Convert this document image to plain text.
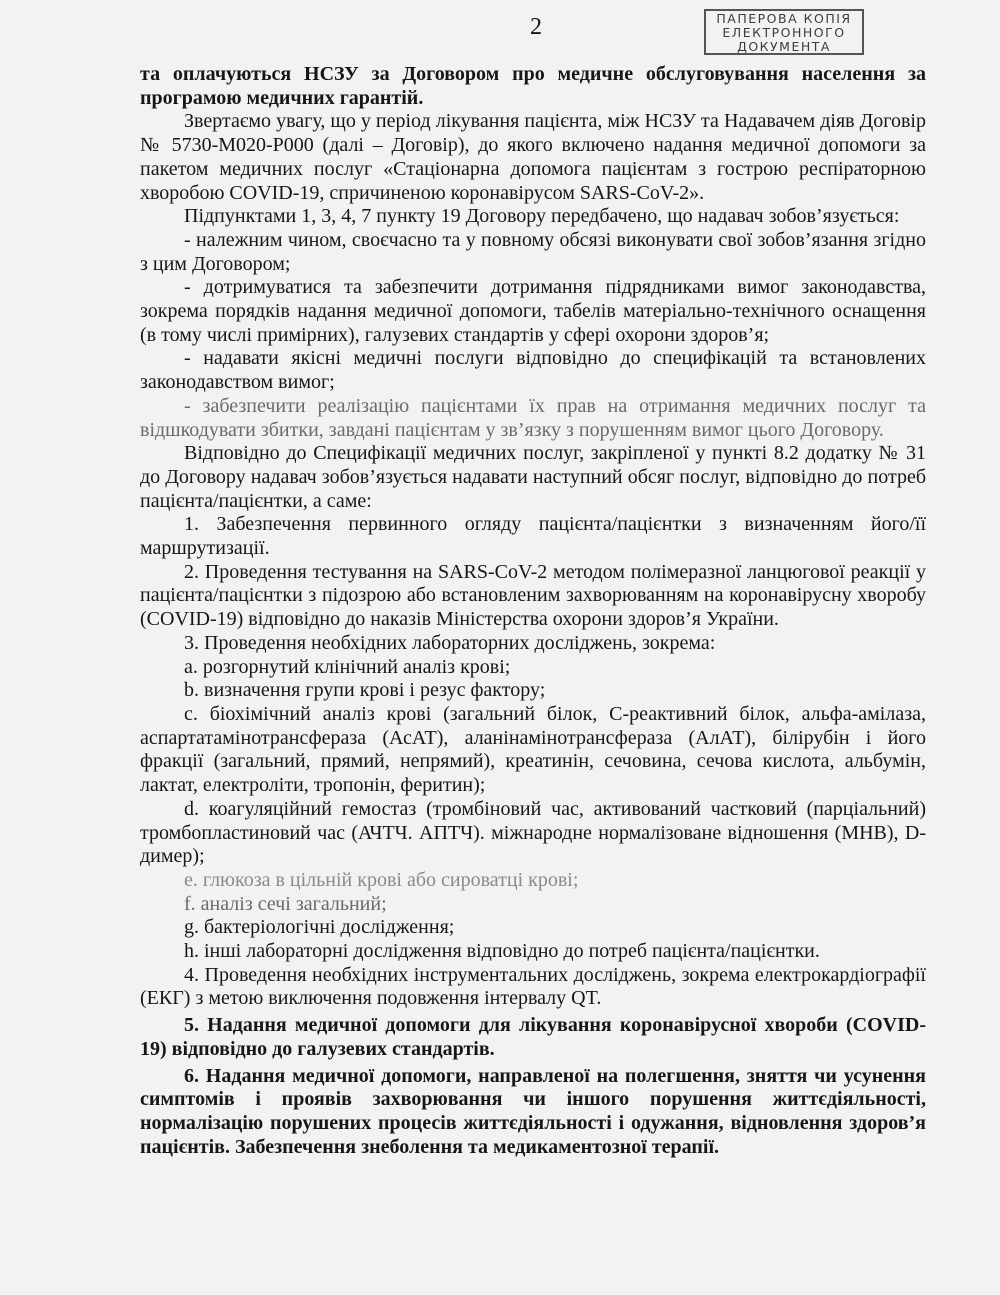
2	ПАПЕРОВА КОПІЯ
ЕЛЕКТРОННОГО
ДОКУМЕНТА

та оплачуються НСЗУ за Договором про медичне обслуговування населення за програмою медичних гарантій.

Звертаємо увагу, що у період лікування пацієнта, між НСЗУ та Надавачем діяв Договір № 5730-М020-Р000 (далі – Договір), до якого включено надання медичної допомоги за пакетом медичних послуг «Стаціонарна допомога пацієнтам з гострою респіраторною хворобою COVID-19, спричиненою коронавірусом SARS-CoV-2».

Підпунктами 1, 3, 4, 7 пункту 19 Договору передбачено, що надавач зобов’язується:

- належним чином, своєчасно та у повному обсязі виконувати свої зобов’язання згідно з цим Договором;

- дотримуватися та забезпечити дотримання підрядниками вимог законодавства, зокрема порядків надання медичної допомоги, табелів матеріально-технічного оснащення (в тому числі примірних), галузевих стандартів у сфері охорони здоров’я;

- надавати якісні медичні послуги відповідно до специфікацій та встановлених законодавством вимог;

- забезпечити реалізацію пацієнтами їх прав на отримання медичних послуг та відшкодувати збитки, завдані пацієнтам у зв’язку з порушенням вимог цього Договору.

Відповідно до Специфікації медичних послуг, закріпленої у пункті 8.2 додатку № 31 до Договору надавач зобов’язується надавати наступний обсяг послуг, відповідно до потреб пацієнта/пацієнтки, а саме:

1. Забезпечення первинного огляду пацієнта/пацієнтки з визначенням його/її маршрутизації.

2. Проведення тестування на SARS-CoV-2 методом полімеразної ланцюгової реакції у пацієнта/пацієнтки з підозрою або встановленим захворюванням на коронавірусну хворобу (COVID-19) відповідно до наказів Міністерства охорони здоров’я України.

3. Проведення необхідних лабораторних досліджень, зокрема:

a. розгорнутий клінічний аналіз крові;

b. визначення групи крові і резус фактору;

c. біохімічний аналіз крові (загальний білок, С-реактивний білок, альфа-амілаза, аспартатамінотрансфераза (АсАТ), аланінамінотрансфераза (АлАТ), білірубін і його фракції (загальний, прямий, непрямий), креатинін, сечовина, сечова кислота, альбумін, лактат, електроліти, тропонін, феритин);

d. коагуляційний гемостаз (тромбіновий час, активований частковий (парціальний) тромбопластиновий час (АЧТЧ. АПТЧ). міжнародне нормалізоване відношення (МНВ), D-димер);

e. глюкоза в цільній крові або сироватці крові;

f. аналіз сечі загальний;

g. бактеріологічні дослідження;

h. інші лабораторні дослідження відповідно до потреб пацієнта/пацієнтки.

4. Проведення необхідних інструментальних досліджень, зокрема електрокардіографії (ЕКГ) з метою виключення подовження інтервалу QT.

5. Надання медичної допомоги для лікування коронавірусної хвороби (COVID-19) відповідно до галузевих стандартів.

6. Надання медичної допомоги, направленої на полегшення, зняття чи усунення симптомів і проявів захворювання чи іншого порушення життєдіяльності, нормалізацію порушених процесів життєдіяльності і одужання, відновлення здоров’я пацієнтів. Забезпечення знеболення та медикаментозної терапії.
